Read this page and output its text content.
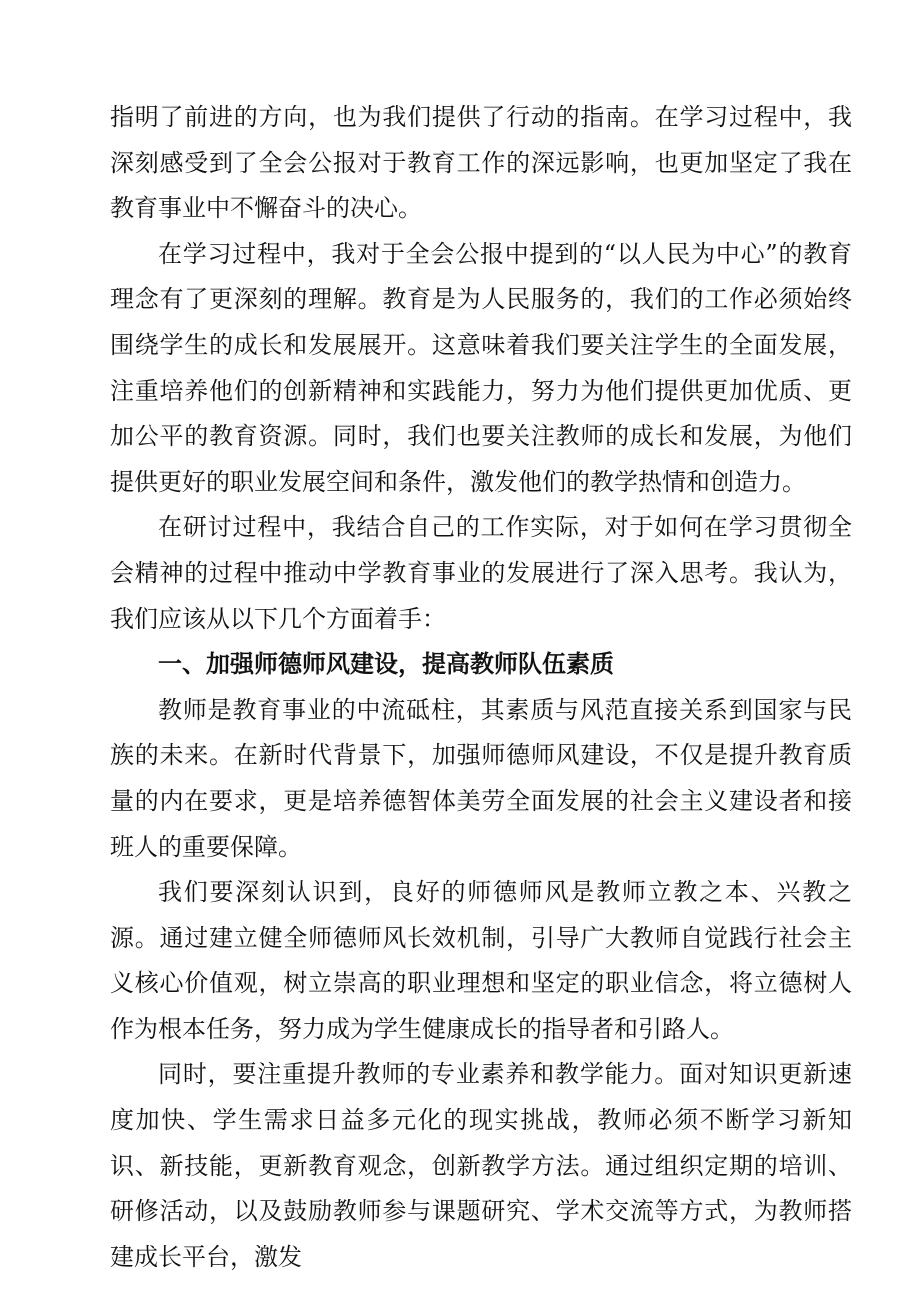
指明了前进的方向，也为我们提供了行动的指南。在学习过程中，我深刻感受到了全会公报对于教育工作的深远影响，也更加坚定了我在教育事业中不懈奋斗的决心。

在学习过程中，我对于全会公报中提到的“以人民为中心”的教育理念有了更深刻的理解。教育是为人民服务的，我们的工作必须始终围绕学生的成长和发展展开。这意味着我们要关注学生的全面发展，注重培养他们的创新精神和实践能力，努力为他们提供更加优质、更加公平的教育资源。同时，我们也要关注教师的成长和发展，为他们提供更好的职业发展空间和条件，激发他们的教学热情和创造力。

在研讨过程中，我结合自己的工作实际，对于如何在学习贯彻全会精神的过程中推动中学教育事业的发展进行了深入思考。我认为，我们应该从以下几个方面着手：

一、加强师德师风建设，提高教师队伍素质

教师是教育事业的中流砥柱，其素质与风范直接关系到国家与民族的未来。在新时代背景下，加强师德师风建设，不仅是提升教育质量的内在要求，更是培养德智体美劳全面发展的社会主义建设者和接班人的重要保障。

我们要深刻认识到，良好的师德师风是教师立教之本、兴教之源。通过建立健全师德师风长效机制，引导广大教师自觉践行社会主义核心价值观，树立崇高的职业理想和坚定的职业信念，将立德树人作为根本任务，努力成为学生健康成长的指导者和引路人。

同时，要注重提升教师的专业素养和教学能力。面对知识更新速度加快、学生需求日益多元化的现实挑战，教师必须不断学习新知识、新技能，更新教育观念，创新教学方法。通过组织定期的培训、研修活动，以及鼓励教师参与课题研究、学术交流等方式，为教师搭建成长平台，激发
